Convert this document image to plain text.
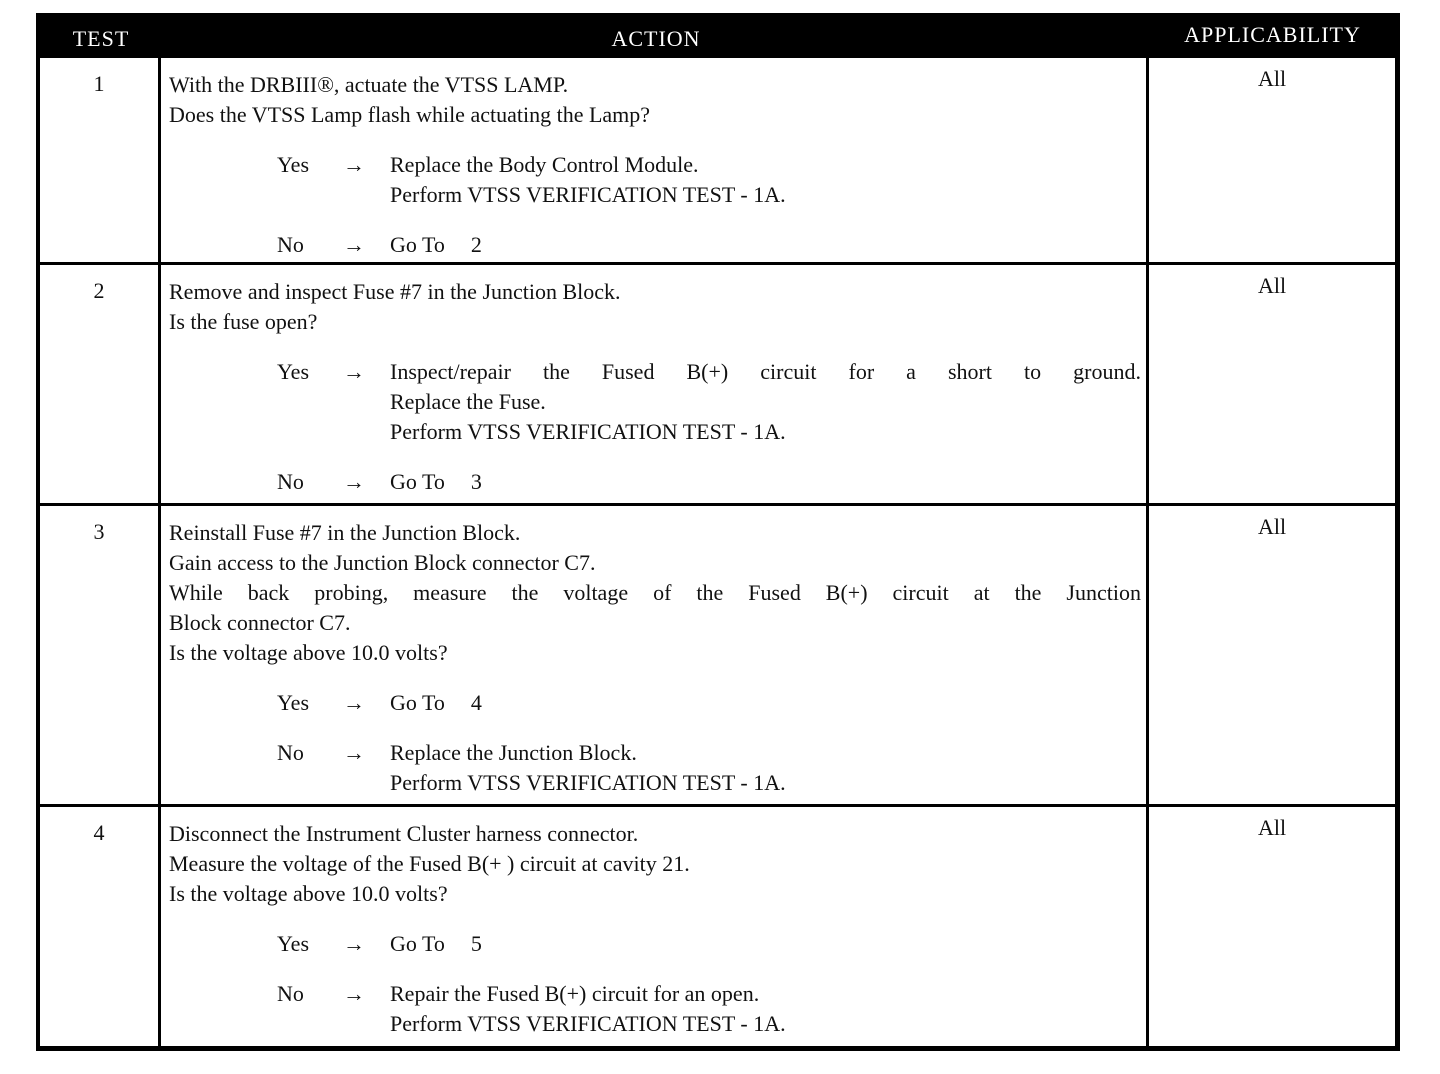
TEST	ACTION	APPLICABILITY
1	With the DRBIII®, actuate the VTSS LAMP.
Does the VTSS Lamp flash while actuating the Lamp?
Yes	→ Replace the Body Control Module.
Perform VTSS VERIFICATION TEST - 1A.
No	→ Go To 2
All
2	Remove and inspect Fuse #7 in the Junction Block.
Is the fuse open?
Yes	→ Inspect/repair the Fused B(+) circuit for a short to ground.
Replace the Fuse.
Perform VTSS VERIFICATION TEST - 1A.
No	→ Go To 3
All
3	Reinstall Fuse #7 in the Junction Block.
Gain access to the Junction Block connector C7.
While back probing, measure the voltage of the Fused B(+) circuit at the Junction
Block connector C7.
Is the voltage above 10.0 volts?
Yes	→ Go To 4
No	→ Replace the Junction Block.
Perform VTSS VERIFICATION TEST - 1A.
All
4	Disconnect the Instrument Cluster harness connector.
Measure the voltage of the Fused B(+ ) circuit at cavity 21.
Is the voltage above 10.0 volts?
Yes	→ Go To 5
No	→ Repair the Fused B(+) circuit for an open.
Perform VTSS VERIFICATION TEST - 1A.
All
